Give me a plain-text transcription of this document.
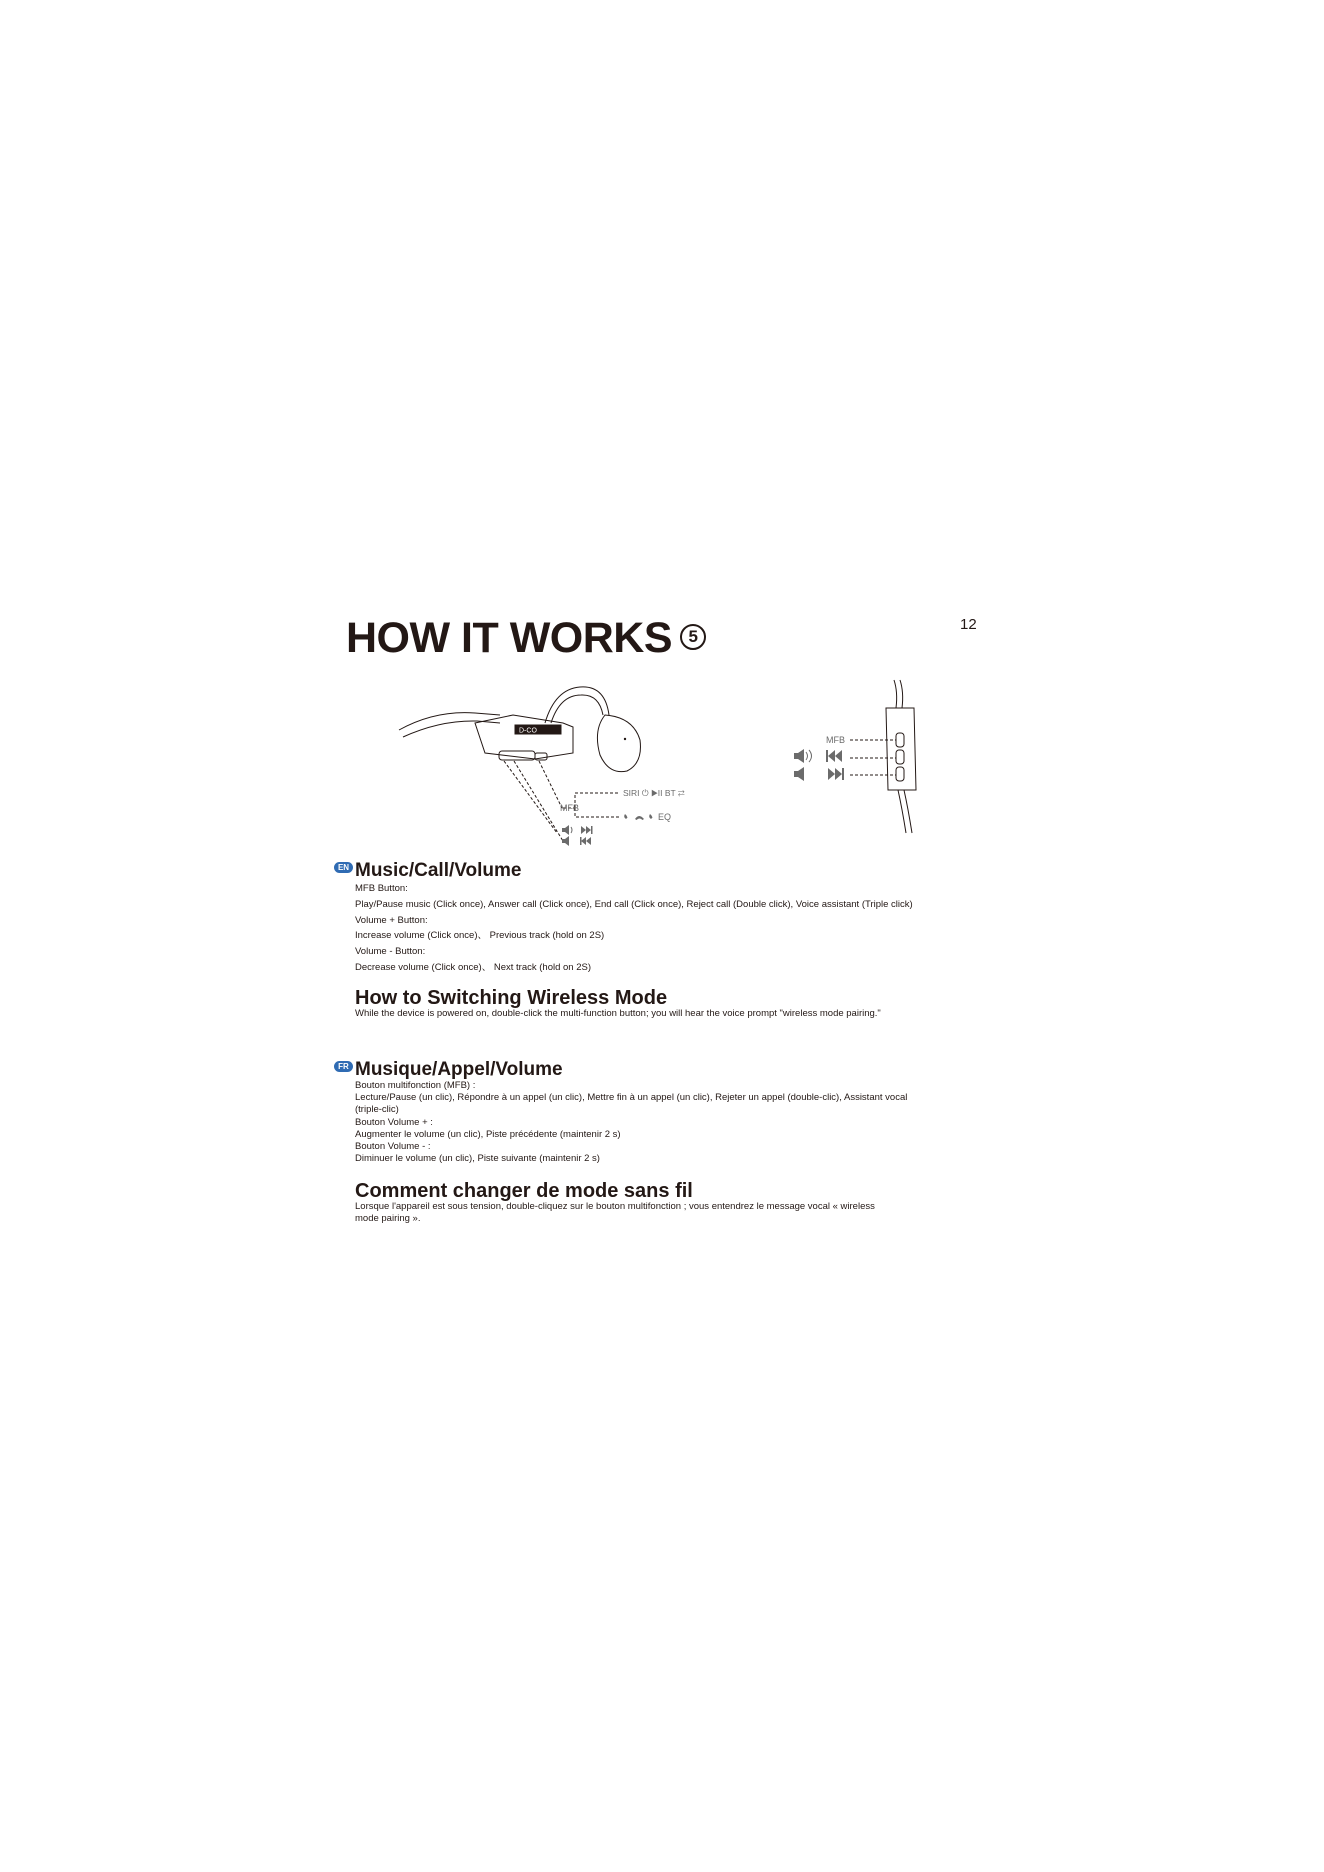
HOW IT WORKS 5
12
D-CO
MFB
SIRI ⏻ ▶II BT ⇄
EQ
MFB
EN Music/Call/Volume
MFB Button:
Play/Pause music (Click once), Answer call (Click once), End call (Click once), Reject call (Double click), Voice assistant (Triple click)
Volume + Button:
Increase volume (Click once)、 Previous track (hold on 2S)
Volume - Button:
Decrease volume (Click once)、 Next track (hold on 2S)
How to Switching Wireless Mode
While the device is powered on, double-click the multi-function button; you will hear the voice prompt "wireless mode pairing."
FR Musique/Appel/Volume
Bouton multifonction (MFB) :
Lecture/Pause (un clic), Répondre à un appel (un clic), Mettre fin à un appel (un clic), Rejeter un appel (double-clic), Assistant vocal
(triple-clic)
Bouton Volume + :
Augmenter le volume (un clic), Piste précédente (maintenir 2 s)
Bouton Volume - :
Diminuer le volume (un clic), Piste suivante (maintenir 2 s)
Comment changer de mode sans fil
Lorsque l'appareil est sous tension, double-cliquez sur le bouton multifonction ; vous entendrez le message vocal « wireless
mode pairing ».
